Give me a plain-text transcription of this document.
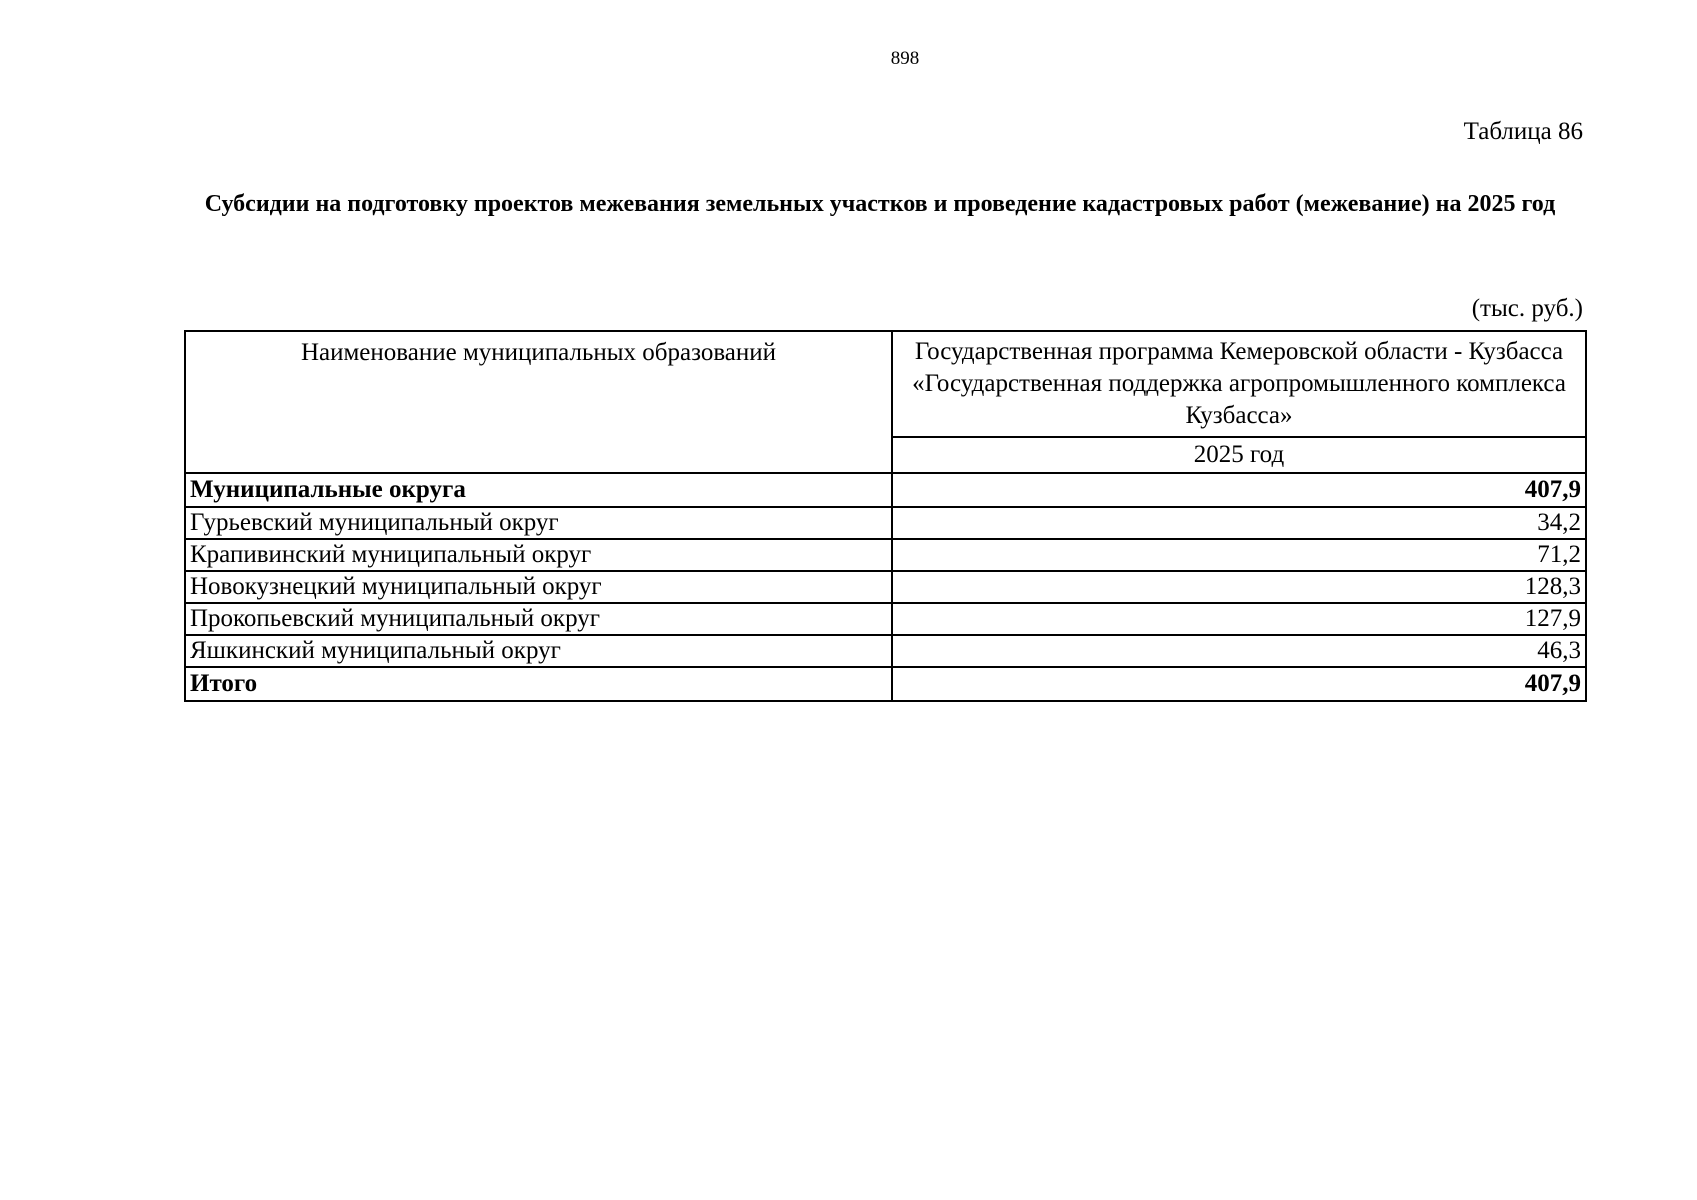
898
Таблица 86
Субсидии на подготовку проектов межевания земельных участков и проведение кадастровых работ (межевание) на 2025 год
(тыс. руб.)
Наименование муниципальных образований	Государственная программа Кемеровской области - Кузбасса «Государственная поддержка агропромышленного комплекса Кузбасса»
	2025 год
Муниципальные округа	407,9
Гурьевский муниципальный округ	34,2
Крапивинский муниципальный округ	71,2
Новокузнецкий муниципальный округ	128,3
Прокопьевский муниципальный округ	127,9
Яшкинский муниципальный округ	46,3
Итого	407,9
